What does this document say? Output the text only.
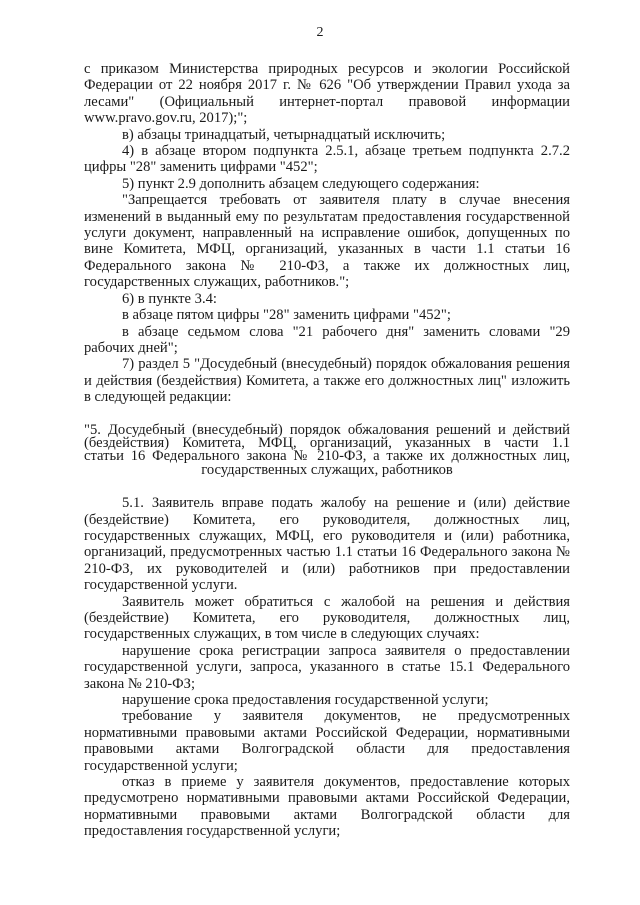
2

с приказом Министерства природных ресурсов и экологии Российской Федерации от 22 ноября 2017 г. № 626 "Об утверждении Правил ухода за лесами" (Официальный интернет-портал правовой информации www.pravo.gov.ru, 2017);";

в) абзацы тринадцатый, четырнадцатый исключить;

4) в абзаце втором подпункта 2.5.1, абзаце третьем подпункта 2.7.2 цифры "28" заменить цифрами "452";

5) пункт 2.9 дополнить абзацем следующего содержания:

"Запрещается требовать от заявителя плату в случае внесения изменений в выданный ему по результатам предоставления государственной услуги документ, направленный на исправление ошибок, допущенных по вине Комитета, МФЦ, организаций, указанных в части 1.1 статьи 16 Федерального закона № 210-ФЗ, а также их должностных лиц, государственных служащих, работников.";

6) в пункте 3.4:

в абзаце пятом цифры "28" заменить цифрами "452";

в абзаце седьмом слова "21 рабочего дня" заменить словами "29 рабочих дней";

7) раздел 5 "Досудебный (внесудебный) порядок обжалования решения и действия (бездействия) Комитета, а также его должностных лиц" изложить в следующей редакции:

"5. Досудебный (внесудебный) порядок обжалования решений и действий
(бездействия) Комитета, МФЦ, организаций, указанных в части 1.1
статьи 16 Федерального закона № 210-ФЗ, а также их должностных лиц,
государственных служащих, работников

5.1. Заявитель вправе подать жалобу на решение и (или) действие (бездействие) Комитета, его руководителя, должностных лиц, государственных служащих, МФЦ, его руководителя и (или) работника, организаций, предусмотренных частью 1.1 статьи 16 Федерального закона № 210-ФЗ, их руководителей и (или) работников при предоставлении государственной услуги.

Заявитель может обратиться с жалобой на решения и действия (бездействие) Комитета, его руководителя, должностных лиц, государственных служащих, в том числе в следующих случаях:

нарушение срока регистрации запроса заявителя о предоставлении государственной услуги, запроса, указанного в статье 15.1 Федерального закона № 210-ФЗ;

нарушение срока предоставления государственной услуги;

требование у заявителя документов, не предусмотренных нормативными правовыми актами Российской Федерации, нормативными правовыми актами Волгоградской области для предоставления государственной услуги;

отказ в приеме у заявителя документов, предоставление которых предусмотрено нормативными правовыми актами Российской Федерации, нормативными правовыми актами Волгоградской области для предоставления государственной услуги;
